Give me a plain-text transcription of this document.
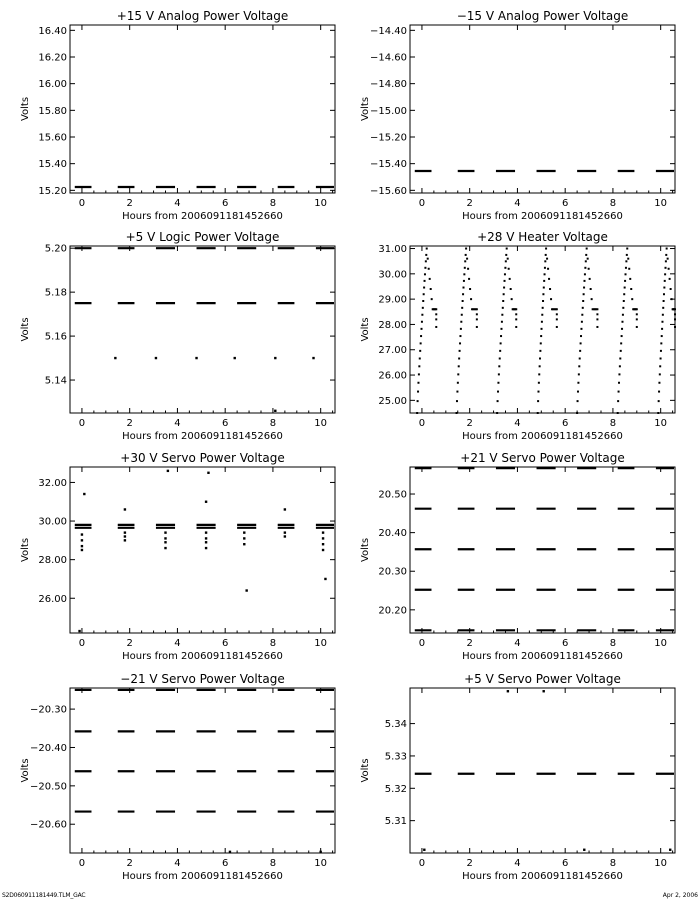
+15 V Analog Power Voltage
0	2	4	6	8	10
15.20
15.40
15.60
15.80
16.00
16.20
16.40
Hours from 2006091181452660
Volts
−15 V Analog Power Voltage
0	2	4	6	8	10
−15.60
−15.40
−15.20
−15.00
−14.80
−14.60
−14.40
Hours from 2006091181452660
Volts
+5 V Logic Power Voltage
0	2	4	6	8	10
5.14
5.16
5.18
5.20
Hours from 2006091181452660
Volts
+28 V Heater Voltage
0	2	4	6	8	10
25.00
26.00
27.00
28.00
29.00
30.00
31.00
Hours from 2006091181452660
Volts
+30 V Servo Power Voltage
0	2	4	6	8	10
26.00
28.00
30.00
32.00
Hours from 2006091181452660
Volts
+21 V Servo Power Voltage
0	2	4	6	8	10
20.20
20.30
20.40
20.50
Hours from 2006091181452660
Volts
−21 V Servo Power Voltage
0	2	4	6	8	10
−20.60
−20.50
−20.40
−20.30
Hours from 2006091181452660
Volts
+5 V Servo Power Voltage
0	2	4	6	8	10
5.31
5.32
5.33
5.34
Hours from 2006091181452660
Volts
S2D060911181449.TLM_GAC	Apr 2, 2006
